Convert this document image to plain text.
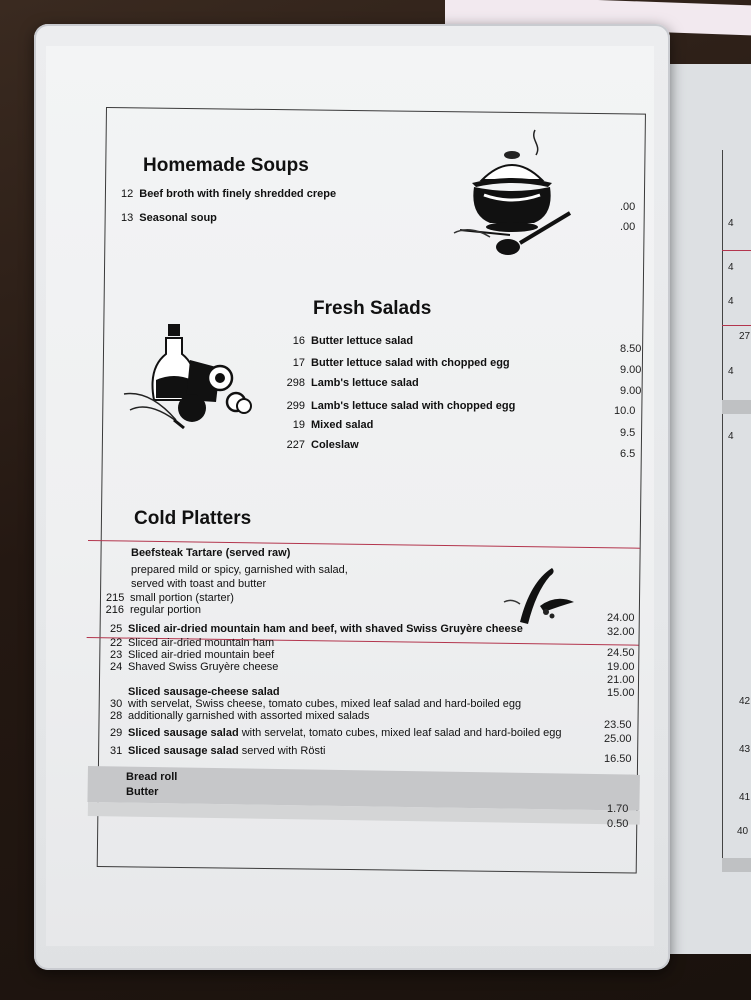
4
4
4
27
4
4
42
43
41
40
Homemade Soups
12 Beef broth with finely shredded crepe
.00
13 Seasonal soup
.00
Fresh Salads
16 Butter lettuce salad
8.50
17 Butter lettuce salad with chopped egg
9.00
298 Lamb's lettuce salad
9.00
299 Lamb's lettuce salad with chopped egg	10.0
19 Mixed salad
9.5
227 Coleslaw
6.5
Cold Platters
Beefsteak Tartare (served raw)
prepared mild or spicy, garnished with salad,
served with toast and butter
215 small portion (starter)
216 regular portion
24.00
32.00
25 Sliced air-dried mountain ham and beef, with shaved Swiss Gruyère cheese
24.50
22 Sliced air-dried mountain ham
19.00
23 Sliced air-dried mountain beef
21.00
24 Shaved Swiss Gruyère cheese
15.00
Sliced sausage-cheese salad
30 with servelat, Swiss cheese, tomato cubes, mixed leaf salad and hard-boiled egg
23.50
28 additionally garnished with assorted mixed salads
25.00
29 Sliced sausage salad with servelat, tomato cubes, mixed leaf salad and hard-boiled egg
16.50
31 Sliced sausage salad served with Rösti
Bread roll
Butter
1.70
0.50
